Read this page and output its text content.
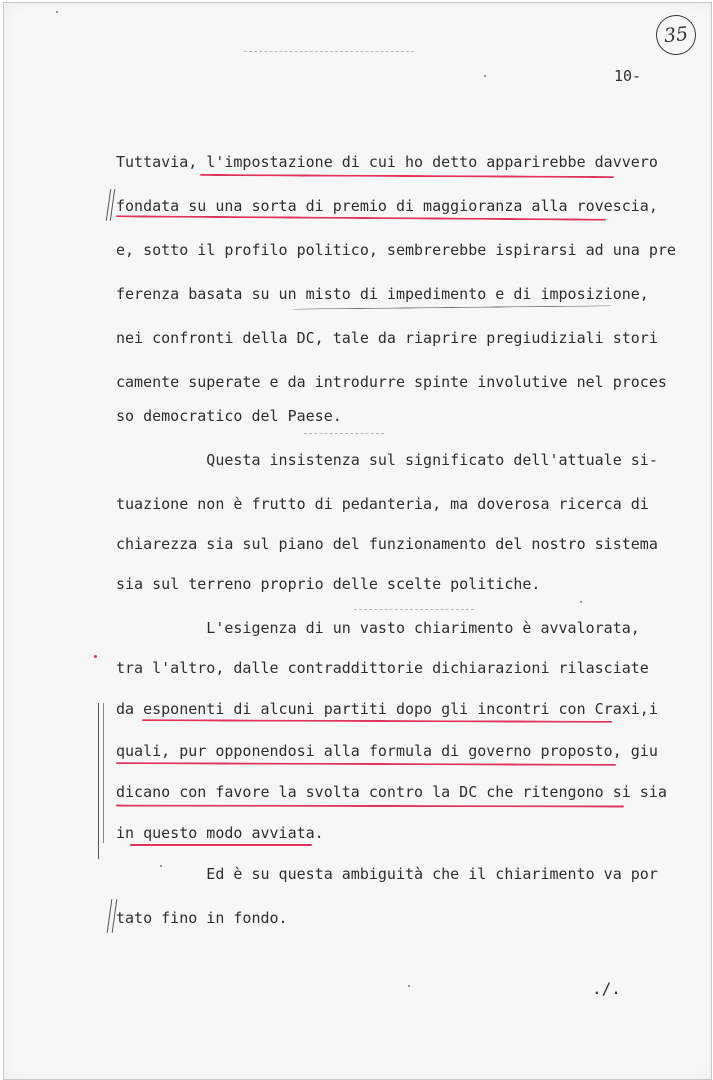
35
10-
Tuttavia, l'impostazione di cui ho detto apparirebbe davvero
fondata su una sorta di premio di maggioranza alla rovescia,
e, sotto il profilo politico, sembrerebbe ispirarsi ad una pre
ferenza basata su un misto di impedimento e di imposizione,
nei confronti della DC, tale da riaprire pregiudiziali stori
camente superate e da introdurre spinte involutive nel proces
so democratico del Paese.
Questa insistenza sul significato dell'attuale si-
tuazione non è frutto di pedanteria, ma doverosa ricerca di
chiarezza sia sul piano del funzionamento del nostro sistema
sia sul terreno proprio delle scelte politiche.
L'esigenza di un vasto chiarimento è avvalorata,
tra l'altro, dalle contraddittorie dichiarazioni rilasciate
da esponenti di alcuni partiti dopo gli incontri con Craxi,i
quali, pur opponendosi alla formula di governo proposto, giu
dicano con favore la svolta contro la DC che ritengono si sia
in questo modo avviata.
Ed è su questa ambiguità che il chiarimento va por
tato fino in fondo.
./.
